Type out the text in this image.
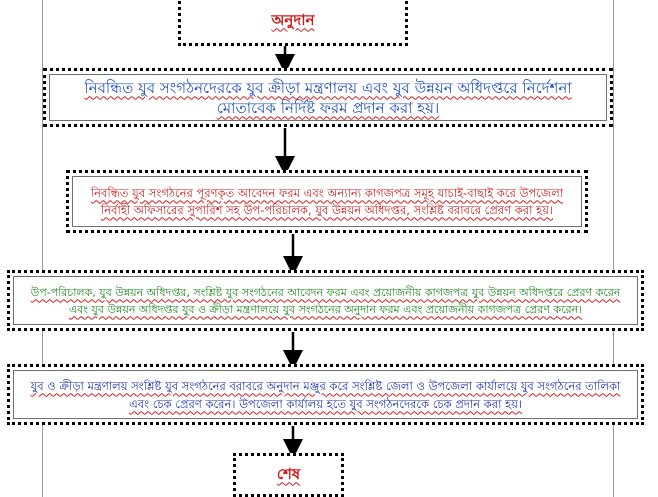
অনুদান
নিবন্ধিত যুব সংগঠনদেরকে যুব ক্রীড়া মন্ত্রণালয় এবং যুব উন্নয়ন অধিদপ্তরে নির্দেশনা মোতাবেক নির্দিষ্ট ফরম প্রদান করা হয়।
নিবন্ধিত যুব সংগঠনের পূরণকৃত আবেদন ফরম এবং অন্যান্য কাগজপত্র সমূহ যাচাই-বাছাই করে উপজেলা নির্বাহী অফিসারের সুপারিশ সহ উপ-পরিচালক, যুব উন্নয়ন অধিদপ্তর, সংশ্লিষ্ট বরাবরে প্রেরণ করা হয়।
উপ-পরিচালক, যুব উন্নয়ন অধিদপ্তর, সংশ্লিষ্ট যুব সংগঠনের আবেদন ফরম এবং প্রয়োজনীয় কাগজপত্র যুব উন্নয়ন অধিদপ্তরে প্রেরণ করেন এবং যুব উন্নয়ন অধিদপ্তর যুব ও ক্রীড়া মন্ত্রণালয়ে যুব সংগঠনের অনুদান ফরম এবং প্রয়োজনীয় কাগজপত্র প্রেরণ করেন।
যুব ও ক্রীড়া মন্ত্রণালয় সংশ্লিষ্ট যুব সংগঠনের বরাবরে অনুদান মঞ্জুর করে সংশ্লিষ্ট জেলা ও উপজেলা কার্যালয়ে যুব সংগঠনের তালিকা এবং চেক প্রেরণ করেন। উপজেলা কার্যালয় হতে যুব সংগঠনদেরকে চেক প্রদান করা হয়।
শেষ
